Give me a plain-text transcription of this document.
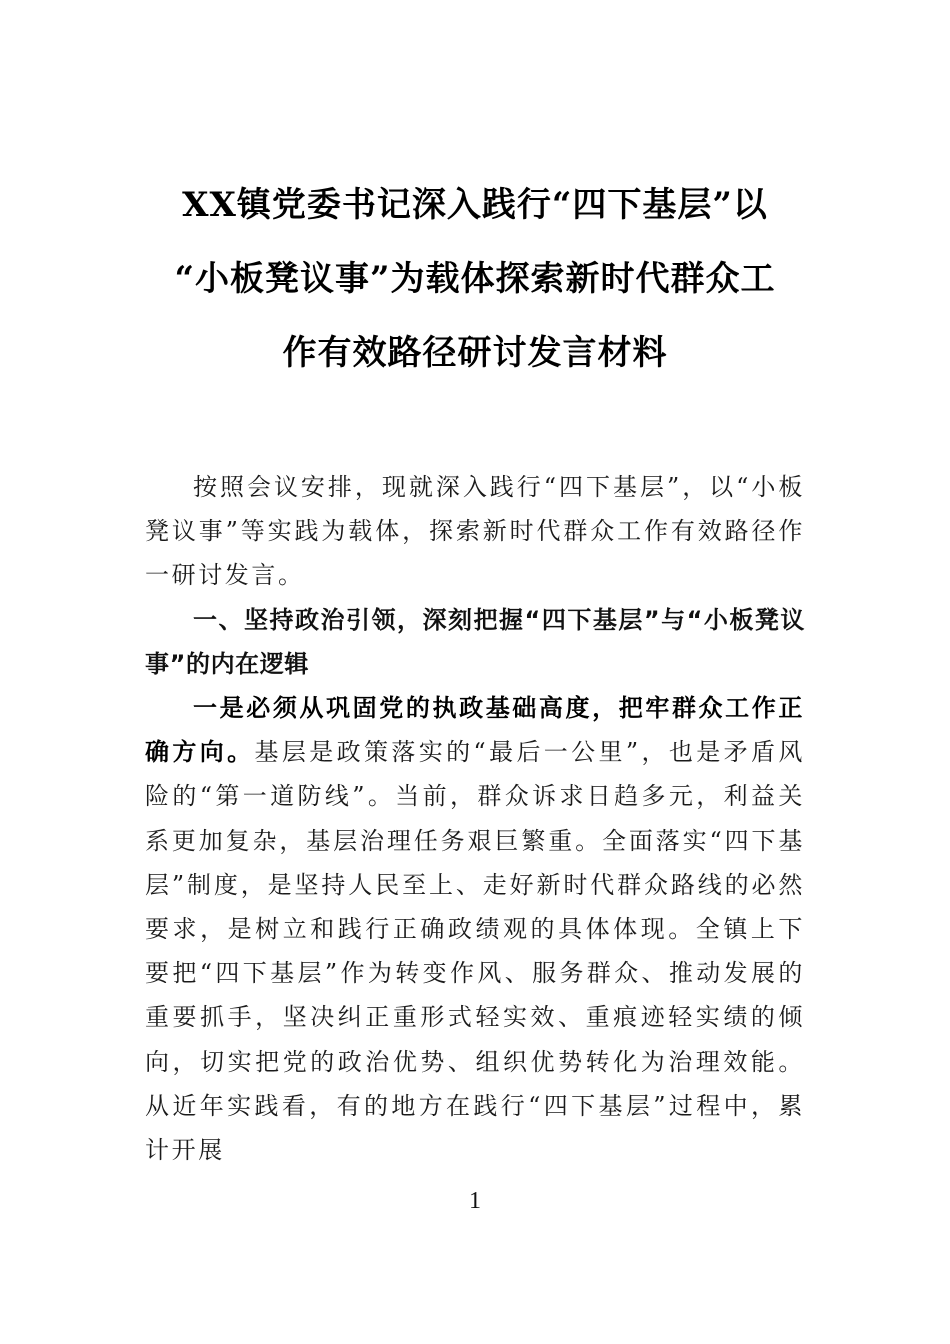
XX镇党委书记深入践行“四下基层”以
“小板凳议事”为载体探索新时代群众工
作有效路径研讨发言材料

按照会议安排，现就深入践行“四下基层”，以“小板凳议事”等实践为载体，探索新时代群众工作有效路径作一研讨发言。

一、坚持政治引领，深刻把握“四下基层”与“小板凳议事”的内在逻辑

一是必须从巩固党的执政基础高度，把牢群众工作正确方向。基层是政策落实的“最后一公里”，也是矛盾风险的“第一道防线”。当前，群众诉求日趋多元，利益关系更加复杂，基层治理任务艰巨繁重。全面落实“四下基层”制度，是坚持人民至上、走好新时代群众路线的必然要求，是树立和践行正确政绩观的具体体现。全镇上下要把“四下基层”作为转变作风、服务群众、推动发展的重要抓手，坚决纠正重形式轻实效、重痕迹轻实绩的倾向，切实把党的政治优势、组织优势转化为治理效能。从近年实践看，有的地方在践行“四下基层”过程中，累计开展

1
